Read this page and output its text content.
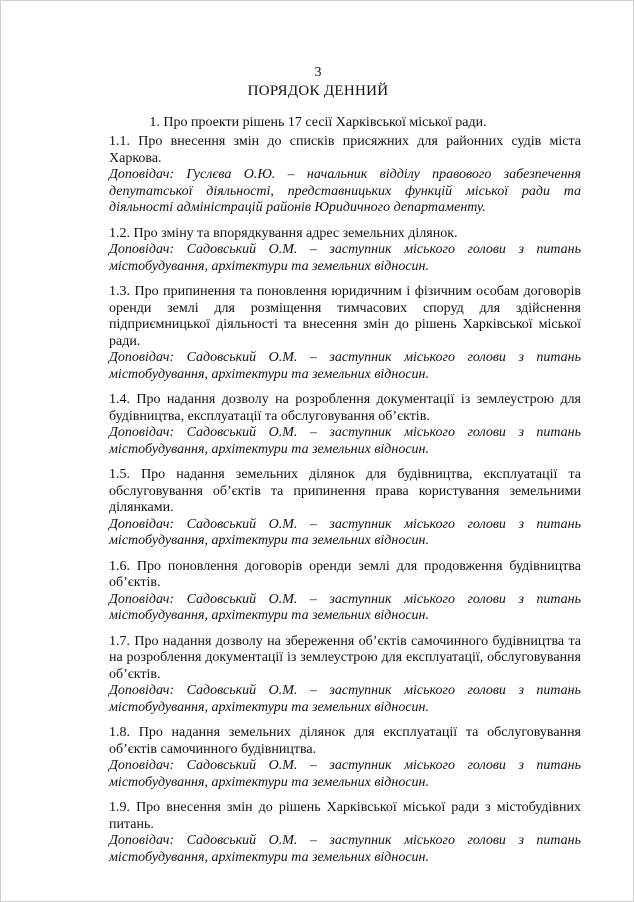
3
ПОРЯДОК ДЕННИЙ
1. Про проекти рішень 17 сесії Харківської міської ради.
1.1. Про внесення змін до списків присяжних для районних судів міста Харкова.
Доповідач: Гуслєва О.Ю. – начальник відділу правового забезпечення депутатської діяльності, представницьких функцій міської ради та діяльності адміністрацій районів Юридичного департаменту.
1.2. Про зміну та впорядкування адрес земельних ділянок.
Доповідач: Садовський О.М. – заступник міського голови з питань містобудування, архітектури та земельних відносин.
1.3. Про припинення та поновлення юридичним і фізичним особам договорів оренди землі для розміщення тимчасових споруд для здійснення підприємницької діяльності та внесення змін до рішень Харківської міської ради.
Доповідач: Садовський О.М. – заступник міського голови з питань містобудування, архітектури та земельних відносин.
1.4. Про надання дозволу на розроблення документації із землеустрою для будівництва, експлуатації та обслуговування об’єктів.
Доповідач: Садовський О.М. – заступник міського голови з питань містобудування, архітектури та земельних відносин.
1.5. Про надання земельних ділянок для будівництва, експлуатації та обслуговування об’єктів та припинення права користування земельними ділянками.
Доповідач: Садовський О.М. – заступник міського голови з питань містобудування, архітектури та земельних відносин.
1.6. Про поновлення договорів оренди землі для продовження будівництва об’єктів.
Доповідач: Садовський О.М. – заступник міського голови з питань містобудування, архітектури та земельних відносин.
1.7. Про надання дозволу на збереження об’єктів самочинного будівництва та на розроблення документації із землеустрою для експлуатації, обслуговування об’єктів.
Доповідач: Садовський О.М. – заступник міського голови з питань містобудування, архітектури та земельних відносин.
1.8. Про надання земельних ділянок для експлуатації та обслуговування об’єктів самочинного будівництва.
Доповідач: Садовський О.М. – заступник міського голови з питань містобудування, архітектури та земельних відносин.
1.9. Про внесення змін до рішень Харківської міської ради з містобудівних питань.
Доповідач: Садовський О.М. – заступник міського голови з питань містобудування, архітектури та земельних відносин.
